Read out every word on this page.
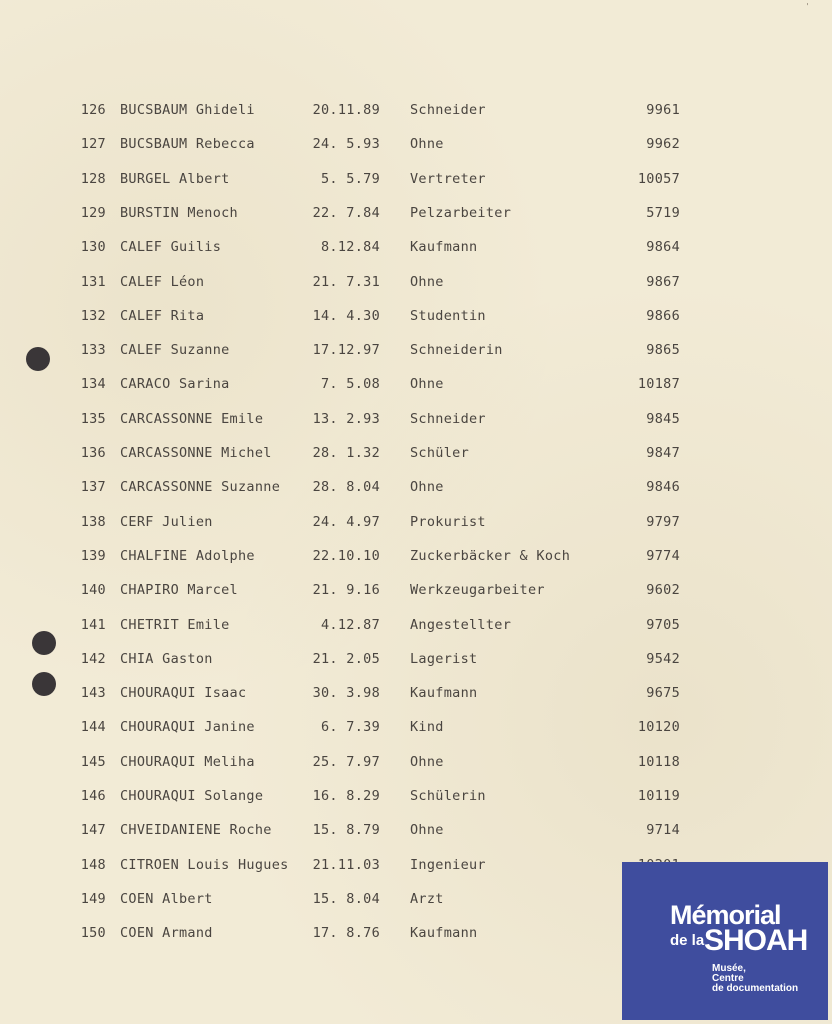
'
126 BUCSBAUM Ghideli	20.11.89 Schneider	9961
127 BUCSBAUM Rebecca	24. 5.93 Ohne	9962
128 BURGEL Albert	5. 5.79 Vertreter	10057
129 BURSTIN Menoch	22. 7.84 Pelzarbeiter	5719
130 CALEF Guilis	8.12.84 Kaufmann	9864
131 CALEF Léon	21. 7.31 Ohne	9867
132 CALEF Rita	14. 4.30 Studentin	9866
133 CALEF Suzanne	17.12.97 Schneiderin	9865
134 CARACO Sarina	7. 5.08 Ohne	10187
135 CARCASSONNE Emile	13. 2.93 Schneider	9845
136 CARCASSONNE Michel	28. 1.32 Schüler	9847
137 CARCASSONNE Suzanne	28. 8.04 Ohne	9846
138 CERF Julien	24. 4.97 Prokurist	9797
139 CHALFINE Adolphe	22.10.10 Zuckerbäcker & Koch	9774
140 CHAPIRO Marcel	21. 9.16 Werkzeugarbeiter	9602
141 CHETRIT Emile	4.12.87 Angestellter	9705
142 CHIA Gaston	21. 2.05 Lagerist	9542
143 CHOURAQUI Isaac	30. 3.98 Kaufmann	9675
144 CHOURAQUI Janine	6. 7.39 Kind	10120
145 CHOURAQUI Meliha	25. 7.97 Ohne	10118
146 CHOURAQUI Solange	16. 8.29 Schülerin	10119
147 CHVEIDANIENE Roche	15. 8.79 Ohne	9714
148 CITROEN Louis Hugues	21.11.03 Ingenieur
149 COEN Albert	15. 8.04 Arzt
150 COEN Armand	17. 8.76 Kaufmann
Mémorial
de la SHOAH
Musée,
Centre
de documentation
